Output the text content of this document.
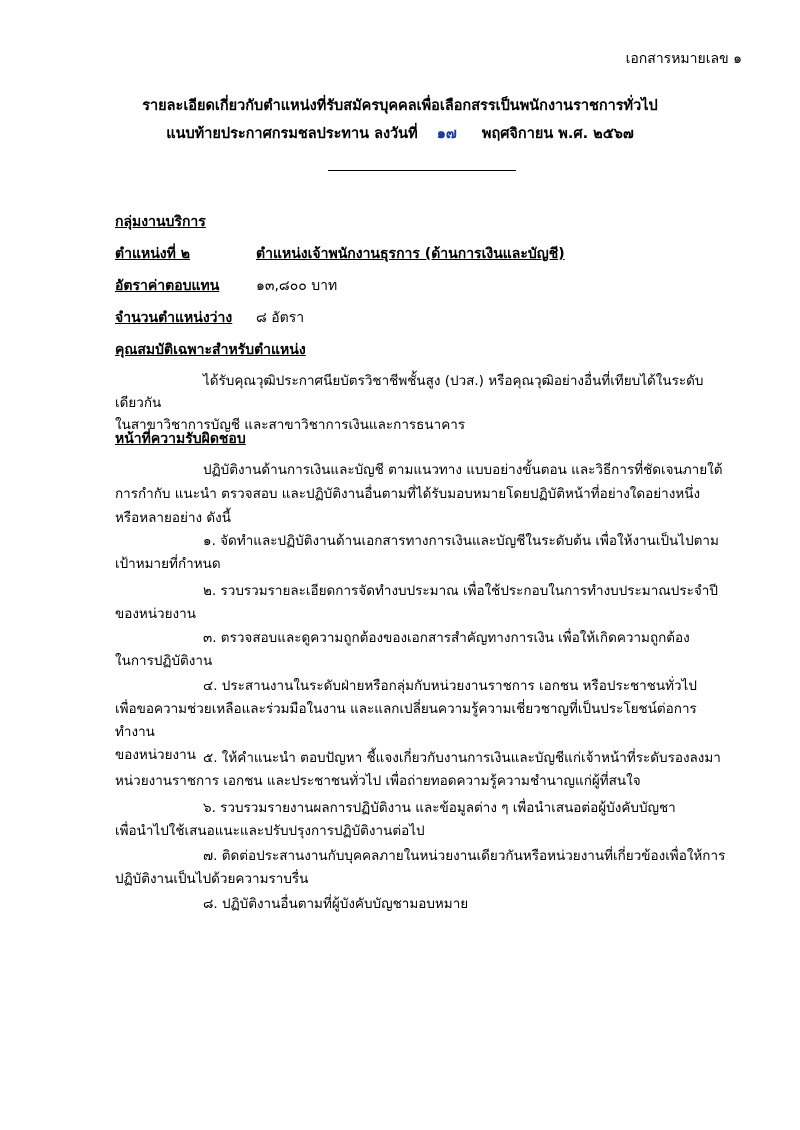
เอกสารหมายเลข ๑
รายละเอียดเกี่ยวกับตำแหน่งที่รับสมัครบุคคลเพื่อเลือกสรรเป็นพนักงานราชการทั่วไป
แนบท้ายประกาศกรมชลประทาน ลงวันที่ ๑๗ พฤศจิกายน พ.ศ. ๒๕๖๗
กลุ่มงานบริการ
ตำแหน่งที่ ๒	ตำแหน่งเจ้าพนักงานธุรการ (ด้านการเงินและบัญชี)
อัตราค่าตอบแทน	๑๓,๘๐๐ บาท
จำนวนตำแหน่งว่าง ๘ อัตรา
คุณสมบัติเฉพาะสำหรับตำแหน่ง
ได้รับคุณวุฒิประกาศนียบัตรวิชาชีพชั้นสูง (ปวส.) หรือคุณวุฒิอย่างอื่นที่เทียบได้ในระดับเดียวกัน
ในสาขาวิชาการบัญชี และสาขาวิชาการเงินและการธนาคาร
หน้าที่ความรับผิดชอบ
ปฏิบัติงานด้านการเงินและบัญชี ตามแนวทาง แบบอย่างขั้นตอน และวิธีการที่ชัดเจนภายใต้
การกำกับ แนะนำ ตรวจสอบ และปฏิบัติงานอื่นตามที่ได้รับมอบหมายโดยปฏิบัติหน้าที่อย่างใดอย่างหนึ่ง
หรือหลายอย่าง ดังนี้
๑. จัดทำและปฏิบัติงานด้านเอกสารทางการเงินและบัญชีในระดับต้น เพื่อให้งานเป็นไปตาม
เป้าหมายที่กำหนด
๒. รวบรวมรายละเอียดการจัดทำงบประมาณ เพื่อใช้ประกอบในการทำงบประมาณประจำปี
ของหน่วยงาน
๓. ตรวจสอบและดูความถูกต้องของเอกสารสำคัญทางการเงิน เพื่อให้เกิดความถูกต้อง
ในการปฏิบัติงาน
๔. ประสานงานในระดับฝ่ายหรือกลุ่มกับหน่วยงานราชการ เอกชน หรือประชาชนทั่วไป
เพื่อขอความช่วยเหลือและร่วมมือในงาน และแลกเปลี่ยนความรู้ความเชี่ยวชาญที่เป็นประโยชน์ต่อการทำงาน
ของหน่วยงาน ๕. ให้คำแนะนำ ตอบปัญหา ชี้แจงเกี่ยวกับงานการเงินและบัญชีแก่เจ้าหน้าที่ระดับรองลงมา
หน่วยงานราชการ เอกชน และประชาชนทั่วไป เพื่อถ่ายทอดความรู้ความชำนาญแก่ผู้ที่สนใจ
๖. รวบรวมรายงานผลการปฏิบัติงาน และข้อมูลต่าง ๆ เพื่อนำเสนอต่อผู้บังคับบัญชา
เพื่อนำไปใช้เสนอแนะและปรับปรุงการปฏิบัติงานต่อไป
๗. ติดต่อประสานงานกับบุคคลภายในหน่วยงานเดียวกันหรือหน่วยงานที่เกี่ยวข้องเพื่อให้การ
ปฏิบัติงานเป็นไปด้วยความราบรื่น
๘. ปฏิบัติงานอื่นตามที่ผู้บังคับบัญชามอบหมาย
